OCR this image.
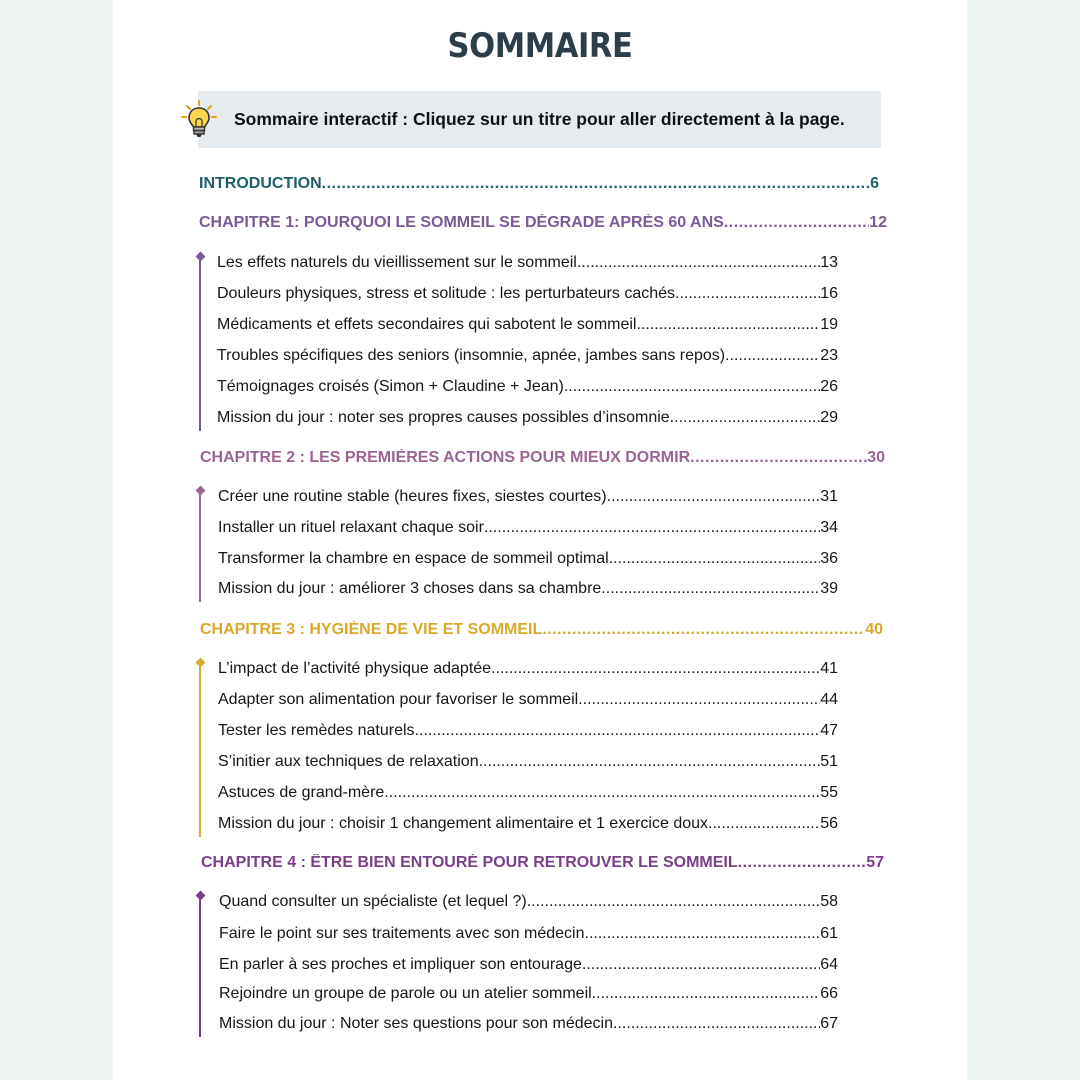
SOMMAIRE
Sommaire interactif : Cliquez sur un titre pour aller directement à la page.
INTRODUCTION .....	6
CHAPITRE 1: POURQUOI LE SOMMEIL SE DÉGRADE APRÈS 60 ANS .....	12
Les effets naturels du vieillissement sur le sommeil .....	13
Douleurs physiques, stress et solitude : les perturbateurs cachés .....	16
Médicaments et effets secondaires qui sabotent le sommeil .....	19
Troubles spécifiques des seniors (insomnie, apnée, jambes sans repos) .....	23
Témoignages croisés (Simon + Claudine + Jean) .....	26
Mission du jour : noter ses propres causes possibles d’insomnie .....	29
CHAPITRE 2 : LES PREMIÈRES ACTIONS POUR MIEUX DORMIR .....	30
Créer une routine stable (heures fixes, siestes courtes) .....	31
Installer un rituel relaxant chaque soir .....	34
Transformer la chambre en espace de sommeil optimal .....	36
Mission du jour : améliorer 3 choses dans sa chambre .....	39
CHAPITRE 3 : HYGIÈNE DE VIE ET SOMMEIL .....	40
L’impact de l’activité physique adaptée .....	41
Adapter son alimentation pour favoriser le sommeil .....	44
Tester les remèdes naturels .....	47
S’initier aux techniques de relaxation .....	51
Astuces de grand-mère .....	55
Mission du jour : choisir 1 changement alimentaire et 1 exercice doux .....	56
CHAPITRE 4 : ÊTRE BIEN ENTOURÉ POUR RETROUVER LE SOMMEIL .....	57
Quand consulter un spécialiste (et lequel ?) .....	58
Faire le point sur ses traitements avec son médecin .....	61
En parler à ses proches et impliquer son entourage .....	64
Rejoindre un groupe de parole ou un atelier sommeil .....	66
Mission du jour : Noter ses questions pour son médecin .....	67
